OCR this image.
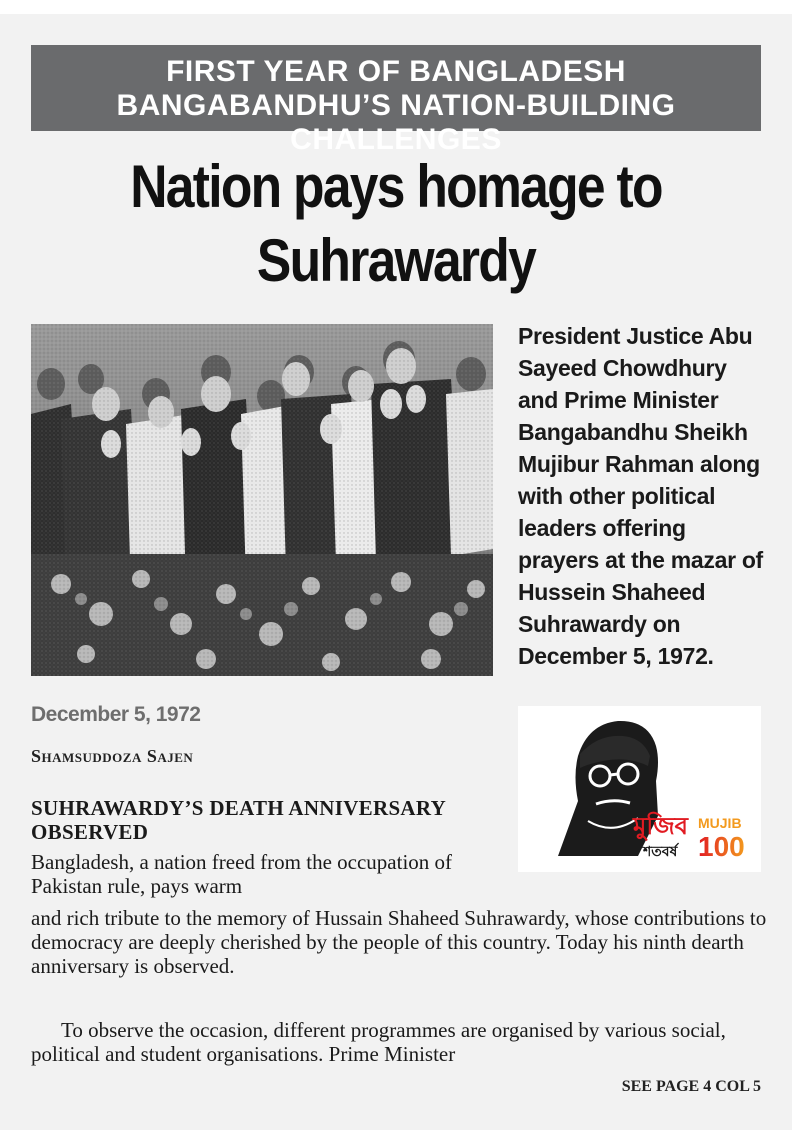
FIRST YEAR OF BANGLADESH
BANGABANDHU’S NATION-BUILDING CHALLENGES
Nation pays homage to
Suhrawardy
President Justice Abu Sayeed Chowdhury and Prime Minister Bangabandhu Sheikh Mujibur Rahman along with other political leaders offering prayers at the mazar of Hussein Shaheed Suhrawardy on December 5, 1972.
December 5, 1972
Shamsuddoza Sajen
মুজিব
শতবর্ষ
MUJIB
100
SUHRAWARDY’S DEATH ANNIVERSARY OBSERVED
Bangladesh, a nation freed from the occupation of Pakistan rule, pays warm
and rich tribute to the memory of Hussain Shaheed Suhrawardy, whose contributions to democracy are deeply cherished by the people of this country. Today his ninth dearth anniversary is observed.
To observe the occasion, different programmes are organised by various social, political and student organisations. Prime Minister
SEE PAGE 4 COL 5
